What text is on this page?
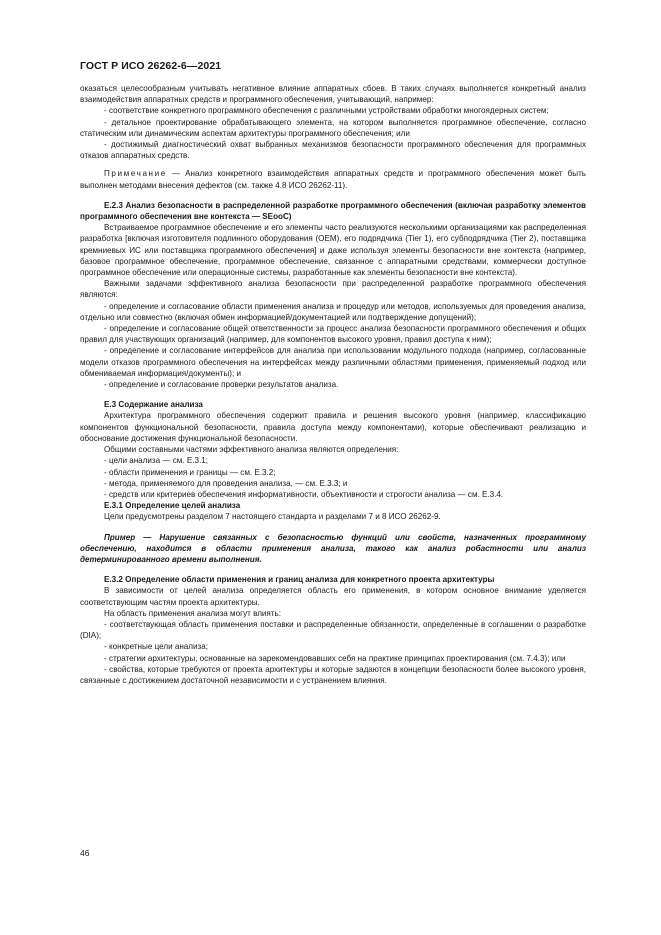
ГОСТ Р ИСО 26262-6—2021

оказаться целесообразным учитывать негативное влияние аппаратных сбоев. В таких случаях выполняется конкретный анализ взаимодействия аппаратных средств и программного обеспечения, учитывающий, например:

- соответствие конкретного программного обеспечения с различными устройствами обработки многоядерных систем;

- детальное проектирование обрабатывающего элемента, на котором выполняется программное обеспечение, согласно статическим или динамическим аспектам архитектуры программного обеспечения; или

- достижимый диагностический охват выбранных механизмов безопасности программного обеспечения для программных отказов аппаратных средств.

Примечание — Анализ конкретного взаимодействия аппаратных средств и программного обеспечения может быть выполнен методами внесения дефектов (см. также 4.8 ИСО 26262-11).

Е.2.3 Анализ безопасности в распределенной разработке программного обеспечения (включая разработку элементов программного обеспечения вне контекста — SEooC)

Встраиваемое программное обеспечение и его элементы часто реализуются несколькими организациями как распределенная разработка [включая изготовителя подлинного оборудования (OEM), его подрядчика (Tier 1), его субподрядчика (Tier 2), поставщика кремниевых ИС или поставщика программного обеспечения] и даже используя элементы безопасности вне контекста (например, базовое программное обеспечение, программное обеспечение, связанное с аппаратными средствами, коммерчески доступное программное обеспечение или операционные системы, разработанные как элементы безопасности вне контекста).

Важными задачами эффективного анализа безопасности при распределенной разработке программного обеспечения являются:

- определение и согласование области применения анализа и процедур или методов, используемых для проведения анализа, отдельно или совместно (включая обмен информацией/документацией или подтверждение допущений);

- определение и согласование общей ответственности за процесс анализа безопасности программного обеспечения и общих правил для участвующих организаций (например, для компонентов высокого уровня, правил доступа к ним);

- определение и согласование интерфейсов для анализа при использовании модульного подхода (например, согласованные модели отказов программного обеспечения на интерфейсах между различными областями применения, применяемый подход или обмениваемая информация/документы); и

- определение и согласование проверки результатов анализа.

Е.3 Содержание анализа

Архитектура программного обеспечения содержит правила и решения высокого уровня (например, классификацию компонентов функциональной безопасности, правила доступа между компонентами), которые обеспечивают реализацию и обоснование достижения функциональной безопасности.

Общими составными частями эффективного анализа являются определения:

- цели анализа — см. Е.3.1;

- области применения и границы — см. Е.3.2;

- метода, применяемого для проведения анализа, — см. Е.3.3; и

- средств или критериев обеспечения информативности, объективности и строгости анализа — см. Е.3.4.

Е.3.1 Определение целей анализа

Цели предусмотрены разделом 7 настоящего стандарта и разделами 7 и 8 ИСО 26262-9.

Пример — Нарушение связанных с безопасностью функций или свойств, назначенных программному обеспечению, находится в области применения анализа, такого как анализ робастности или анализ детерминированного времени выполнения.

Е.3.2 Определение области применения и границ анализа для конкретного проекта архитектуры

В зависимости от целей анализа определяется область его применения, в котором основное внимание уделяется соответствующим частям проекта архитектуры.

На область применения анализа могут влиять:

- соответствующая область применения поставки и распределенные обязанности, определенные в соглашении о разработке (DIA);

- конкретные цели анализа;

- стратегии архитектуры, основанные на зарекомендовавших себя на практике принципах проектирования (см. 7.4.3); или

- свойства, которые требуются от проекта архитектуры и которые задаются в концепции безопасности более высокого уровня, связанные с достижением достаточной независимости и с устранением влияния.

46
